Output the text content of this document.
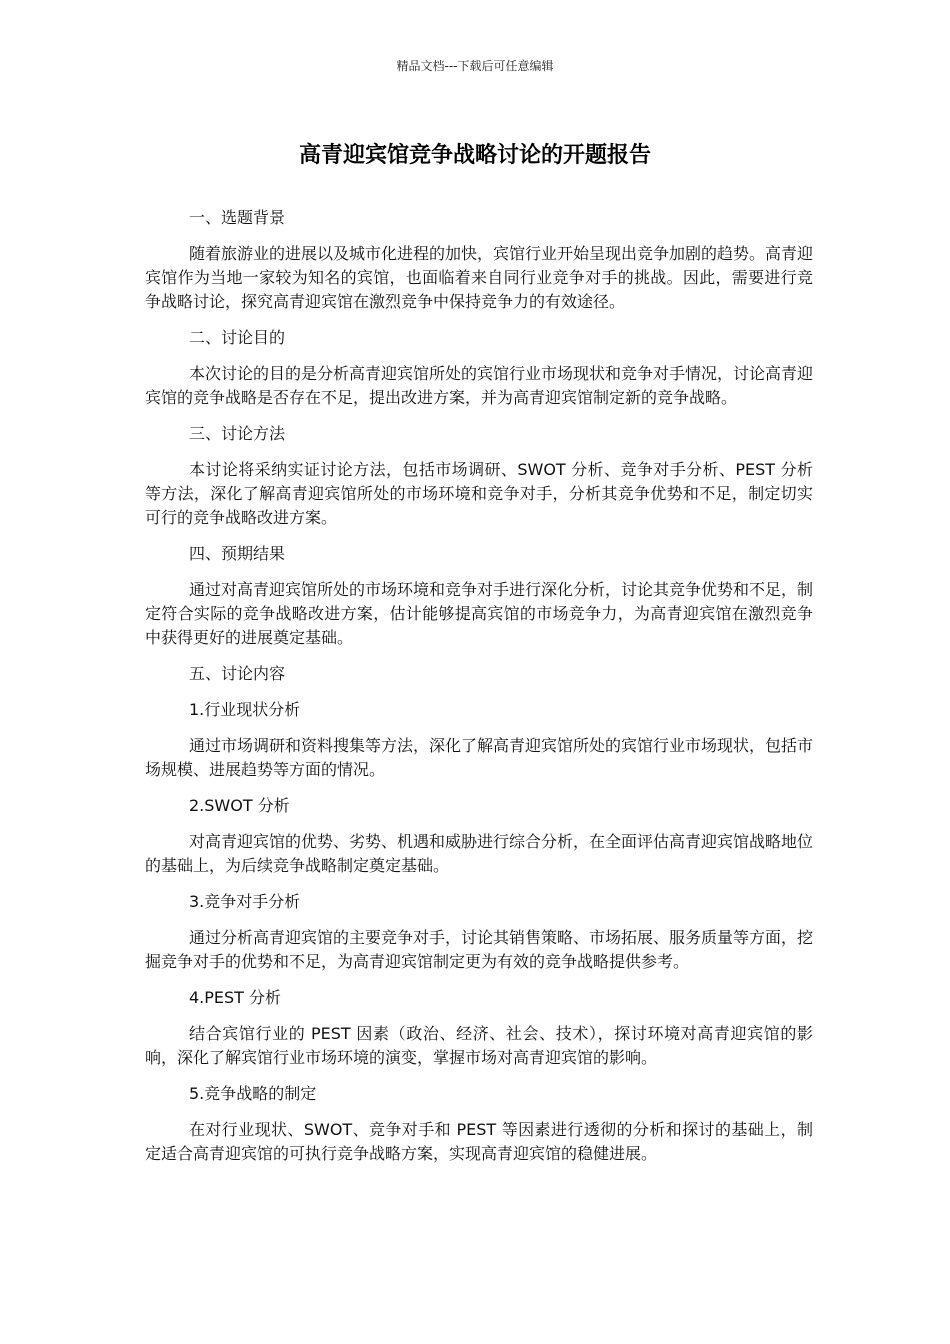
精品文档---下载后可任意编辑
高青迎宾馆竞争战略讨论的开题报告
一、选题背景
随着旅游业的进展以及城市化进程的加快，宾馆行业开始呈现出竞争加剧的趋势。高青迎宾馆作为当地一家较为知名的宾馆，也面临着来自同行业竞争对手的挑战。因此，需要进行竞争战略讨论，探究高青迎宾馆在激烈竞争中保持竞争力的有效途径。
二、讨论目的
本次讨论的目的是分析高青迎宾馆所处的宾馆行业市场现状和竞争对手情况，讨论高青迎宾馆的竞争战略是否存在不足，提出改进方案，并为高青迎宾馆制定新的竞争战略。
三、讨论方法
本讨论将采纳实证讨论方法，包括市场调研、SWOT 分析、竞争对手分析、PEST 分析等方法，深化了解高青迎宾馆所处的市场环境和竞争对手，分析其竞争优势和不足，制定切实可行的竞争战略改进方案。
四、预期结果
通过对高青迎宾馆所处的市场环境和竞争对手进行深化分析，讨论其竞争优势和不足，制定符合实际的竞争战略改进方案，估计能够提高宾馆的市场竞争力，为高青迎宾馆在激烈竞争中获得更好的进展奠定基础。
五、讨论内容
1.行业现状分析
通过市场调研和资料搜集等方法，深化了解高青迎宾馆所处的宾馆行业市场现状，包括市场规模、进展趋势等方面的情况。
2.SWOT 分析
对高青迎宾馆的优势、劣势、机遇和威胁进行综合分析，在全面评估高青迎宾馆战略地位的基础上，为后续竞争战略制定奠定基础。
3.竞争对手分析
通过分析高青迎宾馆的主要竞争对手，讨论其销售策略、市场拓展、服务质量等方面，挖掘竞争对手的优势和不足，为高青迎宾馆制定更为有效的竞争战略提供参考。
4.PEST 分析
结合宾馆行业的 PEST 因素（政治、经济、社会、技术），探讨环境对高青迎宾馆的影响，深化了解宾馆行业市场环境的演变，掌握市场对高青迎宾馆的影响。
5.竞争战略的制定
在对行业现状、SWOT、竞争对手和 PEST 等因素进行透彻的分析和探讨的基础上，制定适合高青迎宾馆的可执行竞争战略方案，实现高青迎宾馆的稳健进展。
